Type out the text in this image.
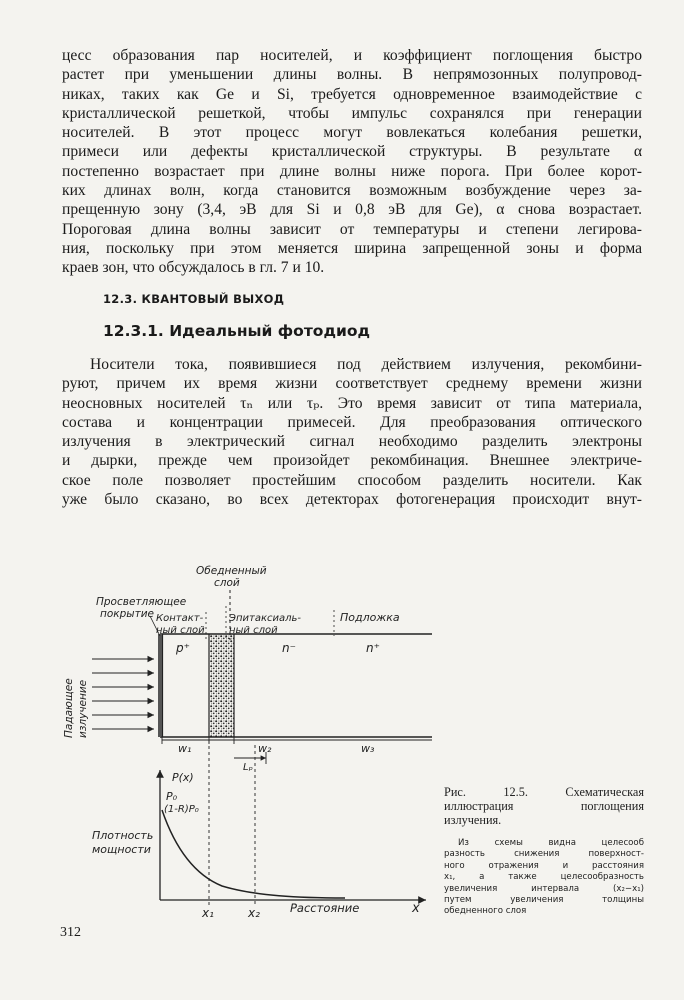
цесс образования пар носителей, и коэффициент поглощения быстро
растет при уменьшении длины волны. В непрямозонных полупровод-
никах, таких как Ge и Si, требуется одновременное взаимодействие с
кристаллической решеткой, чтобы импульс сохранялся при генерации
носителей. В этот процесс могут вовлекаться колебания решетки,
примеси или дефекты кристаллической структуры. В результате α
постепенно возрастает при длине волны ниже порога. При более корот-
ких длинах волн, когда становится возможным возбуждение через за-
прещенную зону (3,4, эВ для Si и 0,8 эВ для Ge), α снова возрастает.
Пороговая длина волны зависит от температуры и степени легирова-
ния, поскольку при этом меняется ширина запрещенной зоны и форма
краев зон, что обсуждалось в гл. 7 и 10.
12.3. КВАНТОВЫЙ ВЫХОД
12.3.1. Идеальный фотодиод
Носители тока, появившиеся под действием излучения, рекомбини-
руют, причем их время жизни соответствует среднему времени жизни
неосновных носителей τₙ или τₚ. Это время зависит от типа материала,
состава и концентрации примесей. Для преобразования оптического
излучения в электрический сигнал необходимо разделить электроны
и дырки, прежде чем произойдет рекомбинация. Внешнее электриче-
ское поле позволяет простейшим способом разделить носители. Как
уже было сказано, во всех детекторах фотогенерация происходит внут-
Обедненный
слой
Просветляющее
покрытие Контакт-
ный слой
Эпитаксиаль-
ный слой
Подложка
p⁺	n⁻	n⁺
Падающее излучение
w₁	w₂	w₃
Lₚ
P(x)
P₀
(1-R)P₀
Плотность
мощности
x₁	x₂	Расстояние	x

Рис. 12.5. Схематическая
иллюстрация поглощения
излучения.

Из схемы видна целесооб
разность снижения поверхност-
ного отражения и расстояния
x₁, а также целесообразность
увеличения интервала (x₂−x₁)
путем увеличения толщины
обедненного слоя

312
